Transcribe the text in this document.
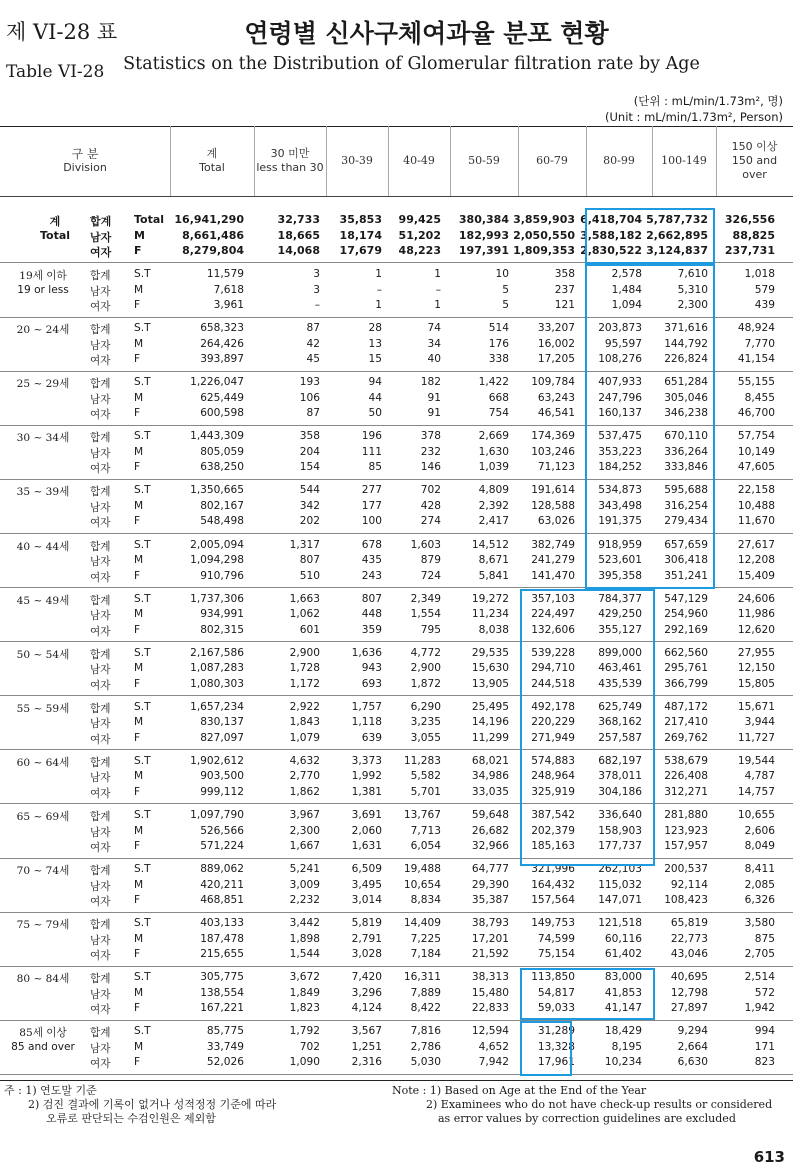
제 VI-28 표
Table VI-28
연령별 신사구체여과율 분포 현황
Statistics on the Distribution of Glomerular filtration rate by Age
(단위 : mL/min/1.73m², 명)
(Unit : mL/min/1.73m², Person)
구 분
Division
계
Total
30 미만
less than 30
30-39	40-49	50-59	60-79	80-99	100-149
150 이상
150 and
over
계	합계 Total 16,941,290	32,733 35,853 99,425 380,384 3,859,903 6,418,704 5,787,732 326,556
Total	남자 M	8,661,486	18,665 18,174 51,202 182,993 2,050,550 3,588,182 2,662,895 88,825
여자 F	8,279,804	14,068 17,679 48,223 197,391 1,809,353 2,830,522 3,124,837 237,731
19세 이하	합계 S.T	11,579	3	1	1	10	358	2,578	7,610	1,018
19 or less	남자 M	7,618	3	–	–	5	237	1,484	5,310	579
여자 F	3,961	–	1	1	5	121	1,094	2,300	439
20 ~ 24세	합계 S.T	658,323	87	28	74	514	33,207 203,873 371,616	48,924
남자 M	264,426	42	13	34	176	16,002	95,597 144,792	7,770
여자 F	393,897	45	15	40	338	17,205 108,276 226,824	41,154
25 ~ 29세	합계 S.T	1,226,047	193	94	182	1,422 109,784 407,933 651,284	55,155
남자 M	625,449	106	44	91	668	63,243 247,796 305,046	8,455
여자 F	600,598	87	50	91	754	46,541 160,137 346,238	46,700
30 ~ 34세	합계 S.T	1,443,309	358	196	378	2,669 174,369 537,475 670,110	57,754
남자 M	805,059	204	111	232	1,630 103,246 353,223 336,264	10,149
여자 F	638,250	154	85	146	1,039	71,123 184,252 333,846	47,605
35 ~ 39세	합계 S.T	1,350,665	544	277	702	4,809 191,614 534,873 595,688	22,158
남자 M	802,167	342	177	428	2,392 128,588 343,498 316,254	10,488
여자 F	548,498	202	100	274	2,417	63,026 191,375 279,434	11,670
40 ~ 44세	합계 S.T	2,005,094	1,317	678	1,603	14,512 382,749 918,959 657,659	27,617
남자 M	1,094,298	807	435	879	8,671 241,279 523,601 306,418	12,208
여자 F	910,796	510	243	724	5,841 141,470 395,358 351,241	15,409
45 ~ 49세	합계 S.T	1,737,306	1,663	807	2,349	19,272 357,103 784,377 547,129	24,606
남자 M	934,991	1,062	448	1,554	11,234 224,497 429,250 254,960	11,986
여자 F	802,315	601	359	795	8,038 132,606 355,127 292,169	12,620
50 ~ 54세	합계 S.T	2,167,586	2,900	1,636	4,772	29,535 539,228 899,000 662,560	27,955
남자 M	1,087,283	1,728	943	2,900	15,630 294,710 463,461 295,761	12,150
여자 F	1,080,303	1,172	693	1,872	13,905 244,518 435,539 366,799	15,805
55 ~ 59세	합계 S.T	1,657,234	2,922	1,757	6,290	25,495 492,178 625,749 487,172	15,671
남자 M	830,137	1,843	1,118	3,235	14,196 220,229 368,162 217,410	3,944
여자 F	827,097	1,079	639	3,055	11,299 271,949 257,587 269,762	11,727
60 ~ 64세	합계 S.T	1,902,612	4,632	3,373 11,283	68,021 574,883 682,197 538,679	19,544
남자 M	903,500	2,770	1,992	5,582	34,986 248,964 378,011 226,408	4,787
여자 F	999,112	1,862	1,381	5,701	33,035 325,919 304,186 312,271	14,757
65 ~ 69세	합계 S.T	1,097,790	3,967	3,691 13,767	59,648 387,542 336,640 281,880	10,655
남자 M	526,566	2,300	2,060	7,713	26,682 202,379 158,903 123,923	2,606
여자 F	571,224	1,667	1,631	6,054	32,966 185,163 177,737 157,957	8,049
70 ~ 74세	합계 S.T	889,062	5,241	6,509 19,488	64,777 321,996 262,103 200,537	8,411
남자 M	420,211	3,009	3,495 10,654	29,390 164,432 115,032	92,114	2,085
여자 F	468,851	2,232	3,014	8,834	35,387 157,564 147,071 108,423	6,326
75 ~ 79세	합계 S.T	403,133	3,442	5,819 14,409	38,793 149,753 121,518	65,819	3,580
남자 M	187,478	1,898	2,791	7,225	17,201	74,599	60,116	22,773	875
여자 F	215,655	1,544	3,028	7,184	21,592	75,154	61,402	43,046	2,705
80 ~ 84세	합계 S.T	305,775	3,672	7,420 16,311	38,313 113,850	83,000	40,695	2,514
남자 M	138,554	1,849	3,296	7,889	15,480	54,817	41,853	12,798	572
여자 F	167,221	1,823	4,124	8,422	22,833	59,033	41,147	27,897	1,942
85세 이상	합계 S.T	85,775	1,792	3,567	7,816	12,594	31,289	18,429	9,294	994
85 and over 남자 M	33,749	702	1,251	2,786	4,652	13,328	8,195	2,664	171
여자 F	52,026	1,090	2,316	5,030	7,942	17,961	10,234	6,630	823
주 : 1) 연도말 기준
2) 검진 결과에 기록이 없거나 성적정정 기준에 따라
오류로 판단되는 수검인원은 제외함
Note : 1) Based on Age at the End of the Year
2) Examinees who do not have check-up results or considered
as error values by correction guidelines are excluded
613
